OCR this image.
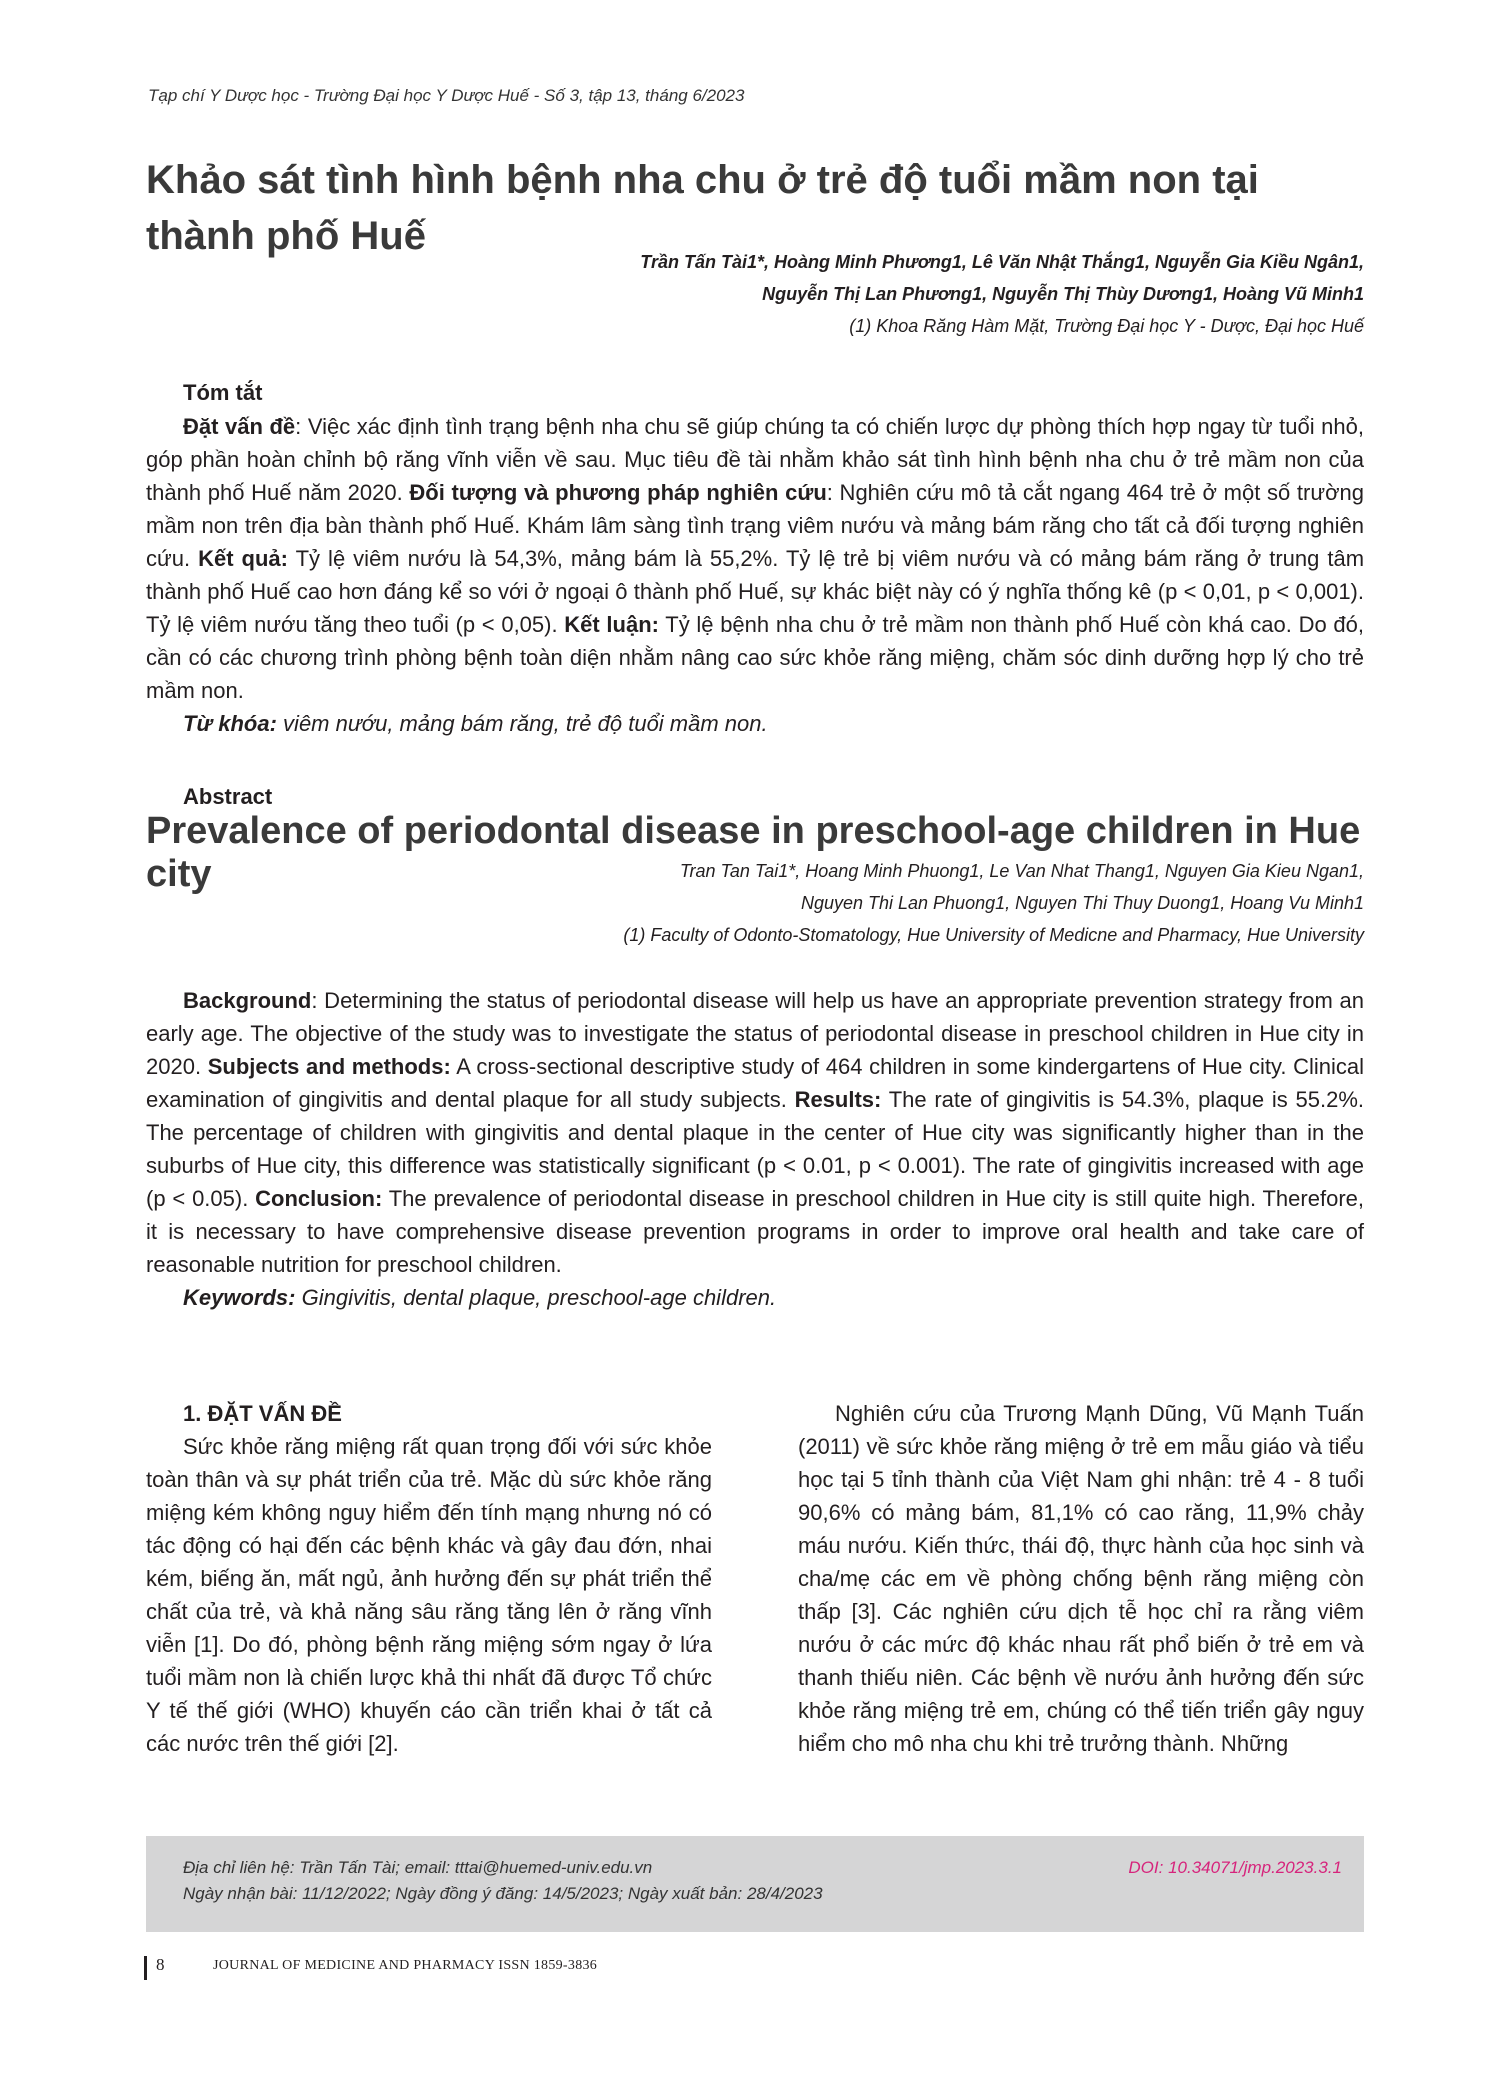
Tạp chí Y Dược học - Trường Đại học Y Dược Huế - Số 3, tập 13, tháng 6/2023
Khảo sát tình hình bệnh nha chu ở trẻ độ tuổi mầm non tại thành phố Huế
Trần Tấn Tài1*, Hoàng Minh Phương1, Lê Văn Nhật Thắng1, Nguyễn Gia Kiều Ngân1,
Nguyễn Thị Lan Phương1, Nguyễn Thị Thùy Dương1, Hoàng Vũ Minh1
(1) Khoa Răng Hàm Mặt, Trường Đại học Y - Dược, Đại học Huế
Tóm tắt

Đặt vấn đề: Việc xác định tình trạng bệnh nha chu sẽ giúp chúng ta có chiến lược dự phòng thích hợp ngay từ tuổi nhỏ, góp phần hoàn chỉnh bộ răng vĩnh viễn về sau. Mục tiêu đề tài nhằm khảo sát tình hình bệnh nha chu ở trẻ mầm non của thành phố Huế năm 2020. Đối tượng và phương pháp nghiên cứu: Nghiên cứu mô tả cắt ngang 464 trẻ ở một số trường mầm non trên địa bàn thành phố Huế. Khám lâm sàng tình trạng viêm nướu và mảng bám răng cho tất cả đối tượng nghiên cứu. Kết quả: Tỷ lệ viêm nướu là 54,3%, mảng bám là 55,2%. Tỷ lệ trẻ bị viêm nướu và có mảng bám răng ở trung tâm thành phố Huế cao hơn đáng kể so với ở ngoại ô thành phố Huế, sự khác biệt này có ý nghĩa thống kê (p < 0,01, p < 0,001). Tỷ lệ viêm nướu tăng theo tuổi (p < 0,05). Kết luận: Tỷ lệ bệnh nha chu ở trẻ mầm non thành phố Huế còn khá cao. Do đó, cần có các chương trình phòng bệnh toàn diện nhằm nâng cao sức khỏe răng miệng, chăm sóc dinh dưỡng hợp lý cho trẻ mầm non.

Từ khóa: viêm nướu, mảng bám răng, trẻ độ tuổi mầm non.
Abstract
Prevalence of periodontal disease in preschool-age children in Hue city	Tran Tan Tai1*, Hoang Minh Phuong1, Le Van Nhat Thang1, Nguyen Gia Kieu Ngan1,
Nguyen Thi Lan Phuong1, Nguyen Thi Thuy Duong1, Hoang Vu Minh1
(1) Faculty of Odonto-Stomatology, Hue University of Medicne and Pharmacy, Hue University

Background: Determining the status of periodontal disease will help us have an appropriate prevention strategy from an early age. The objective of the study was to investigate the status of periodontal disease in preschool children in Hue city in 2020. Subjects and methods: A cross-sectional descriptive study of 464 children in some kindergartens of Hue city. Clinical examination of gingivitis and dental plaque for all study subjects. Results: The rate of gingivitis is 54.3%, plaque is 55.2%. The percentage of children with gingivitis and dental plaque in the center of Hue city was significantly higher than in the suburbs of Hue city, this difference was statistically significant (p < 0.01, p < 0.001). The rate of gingivitis increased with age (p < 0.05). Conclusion: The prevalence of periodontal disease in preschool children in Hue city is still quite high. Therefore, it is necessary to have comprehensive disease prevention programs in order to improve oral health and take care of reasonable nutrition for preschool children.

Keywords: Gingivitis, dental plaque, preschool-age children.
1. ĐẶT VẤN ĐỀ

Sức khỏe răng miệng rất quan trọng đối với sức khỏe toàn thân và sự phát triển của trẻ. Mặc dù sức khỏe răng miệng kém không nguy hiểm đến tính mạng nhưng nó có tác động có hại đến các bệnh khác và gây đau đớn, nhai kém, biếng ăn, mất ngủ, ảnh hưởng đến sự phát triển thể chất của trẻ, và khả năng sâu răng tăng lên ở răng vĩnh viễn [1]. Do đó, phòng bệnh răng miệng sớm ngay ở lứa tuổi mầm non là chiến lược khả thi nhất đã được Tổ chức Y tế thế giới (WHO) khuyến cáo cần triển khai ở tất cả các nước trên thế giới [2].

Nghiên cứu của Trương Mạnh Dũng, Vũ Mạnh Tuấn (2011) về sức khỏe răng miệng ở trẻ em mẫu giáo và tiểu học tại 5 tỉnh thành của Việt Nam ghi nhận: trẻ 4 - 8 tuổi 90,6% có mảng bám, 81,1% có cao răng, 11,9% chảy máu nướu. Kiến thức, thái độ, thực hành của học sinh và cha/mẹ các em về phòng chống bệnh răng miệng còn thấp [3]. Các nghiên cứu dịch tễ học chỉ ra rằng viêm nướu ở các mức độ khác nhau rất phổ biến ở trẻ em và thanh thiếu niên. Các bệnh về nướu ảnh hưởng đến sức khỏe răng miệng trẻ em, chúng có thể tiến triển gây nguy hiểm cho mô nha chu khi trẻ trưởng thành. Những

Địa chỉ liên hệ: Trần Tấn Tài; email: tttai@huemed-univ.edu.vn
Ngày nhận bài: 11/12/2022; Ngày đồng ý đăng: 14/5/2023; Ngày xuất bản: 28/4/2023
DOI: 10.34071/jmp.2023.3.1
8	JOURNAL OF MEDICINE AND PHARMACY ISSN 1859-3836
